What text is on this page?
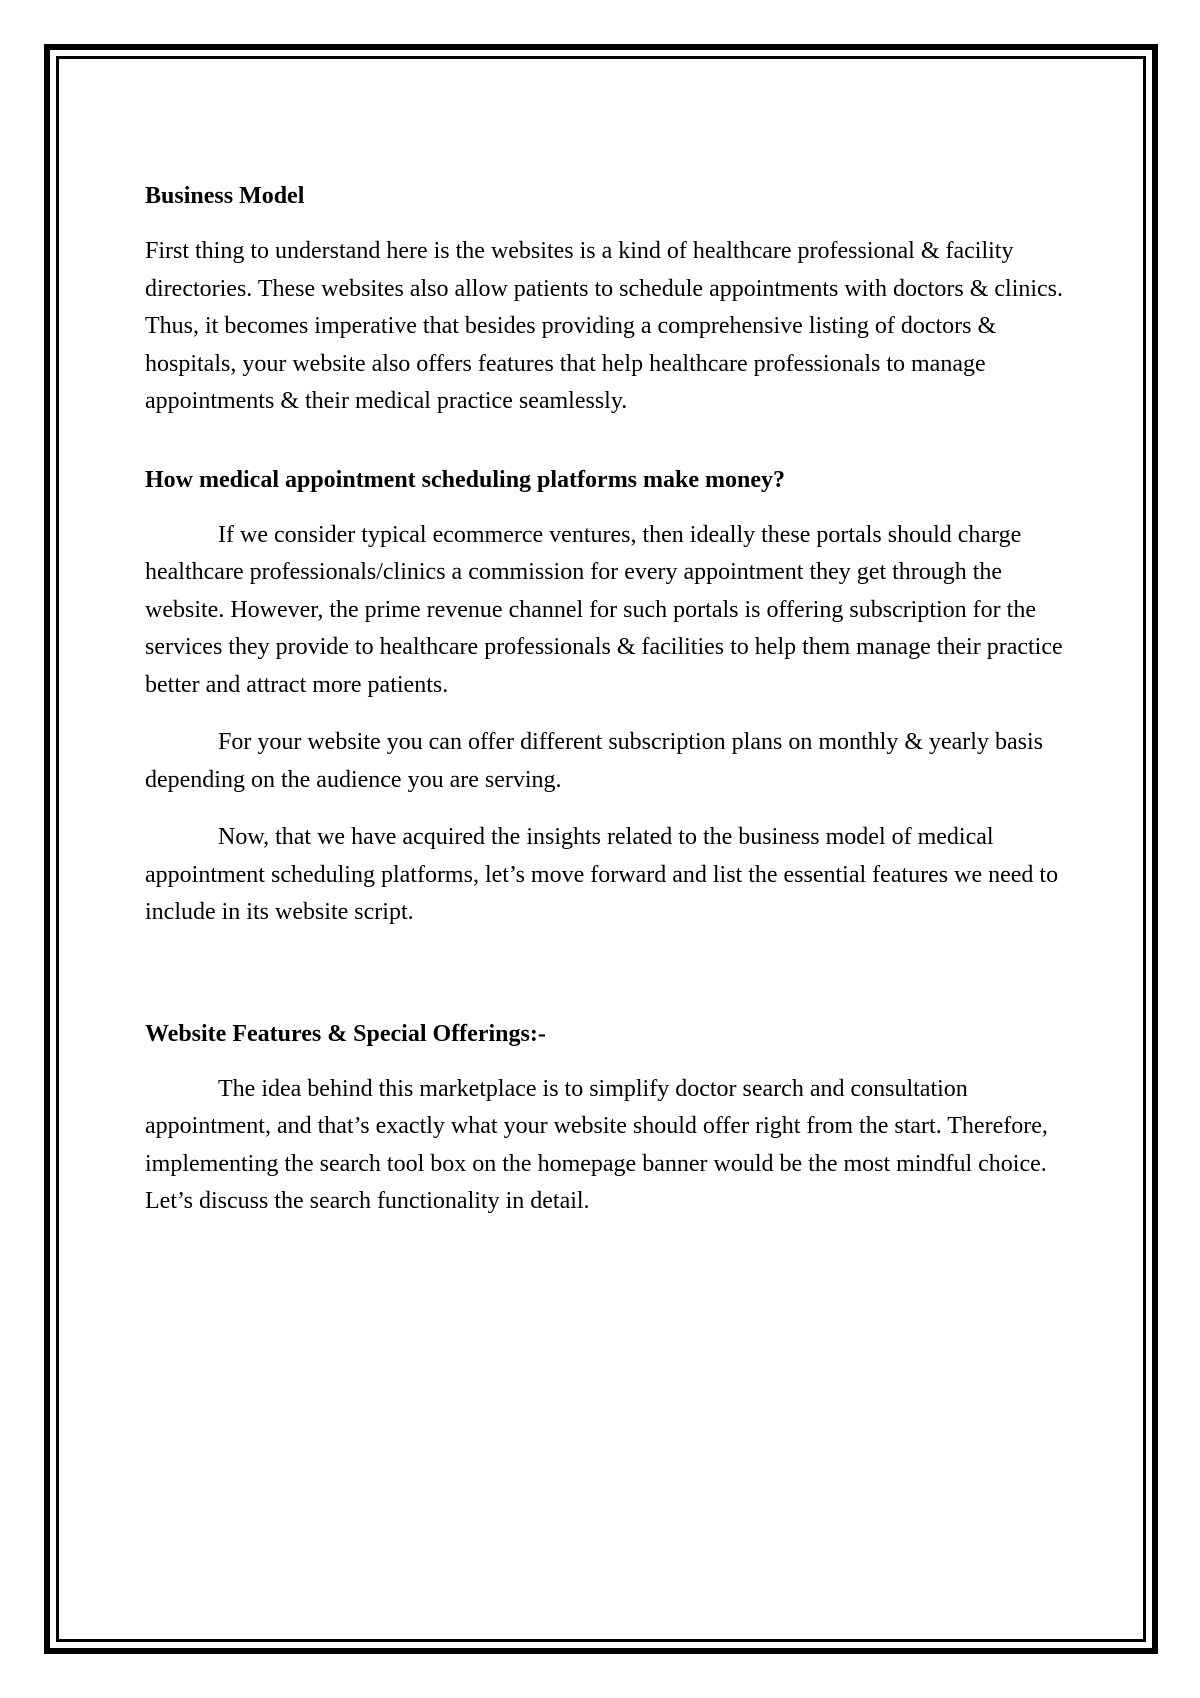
Business Model

First thing to understand here is the websites is a kind of healthcare professional & facility directories. These websites also allow patients to schedule appointments with doctors & clinics. Thus, it becomes imperative that besides providing a comprehensive listing of doctors & hospitals, your website also offers features that help healthcare professionals to manage appointments & their medical practice seamlessly.

How medical appointment scheduling platforms make money?

If we consider typical ecommerce ventures, then ideally these portals should charge healthcare professionals/clinics a commission for every appointment they get through the website. However, the prime revenue channel for such portals is offering subscription for the services they provide to healthcare professionals & facilities to help them manage their practice better and attract more patients.

For your website you can offer different subscription plans on monthly & yearly basis depending on the audience you are serving.

Now, that we have acquired the insights related to the business model of medical appointment scheduling platforms, let’s move forward and list the essential features we need to include in its website script.

Website Features & Special Offerings:-

The idea behind this marketplace is to simplify doctor search and consultation appointment, and that’s exactly what your website should offer right from the start. Therefore, implementing the search tool box on the homepage banner would be the most mindful choice. Let’s discuss the search functionality in detail.
